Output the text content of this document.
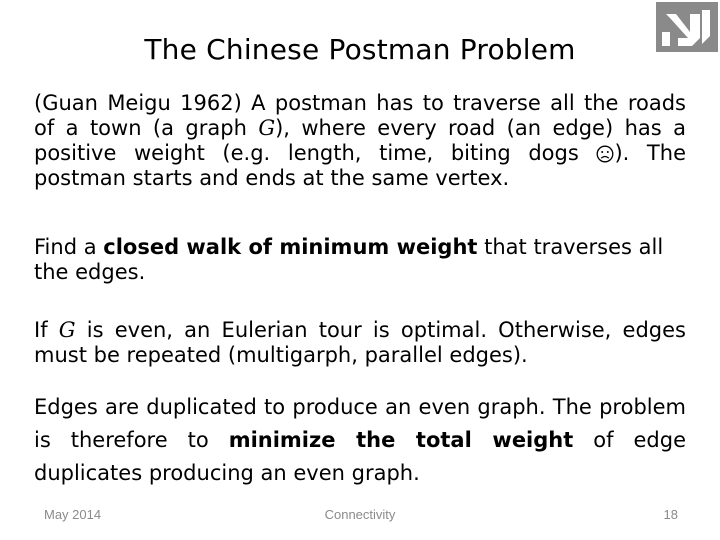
The Chinese Postman Problem
(Guan Meigu 1962) A postman has to traverse all the roads of a town (a graph G), where every road (an edge) has a positive weight (e.g. length, time, biting dogs ). The postman starts and ends at the same vertex.
Find a closed walk of minimum weight that traverses all the edges.
If G is even, an Eulerian tour is optimal. Otherwise, edges must be repeated (multigarph, parallel edges).
Edges are duplicated to produce an even graph. The problem is therefore to minimize the total weight of edge duplicates producing an even graph.
May 2014	Connectivity	18
